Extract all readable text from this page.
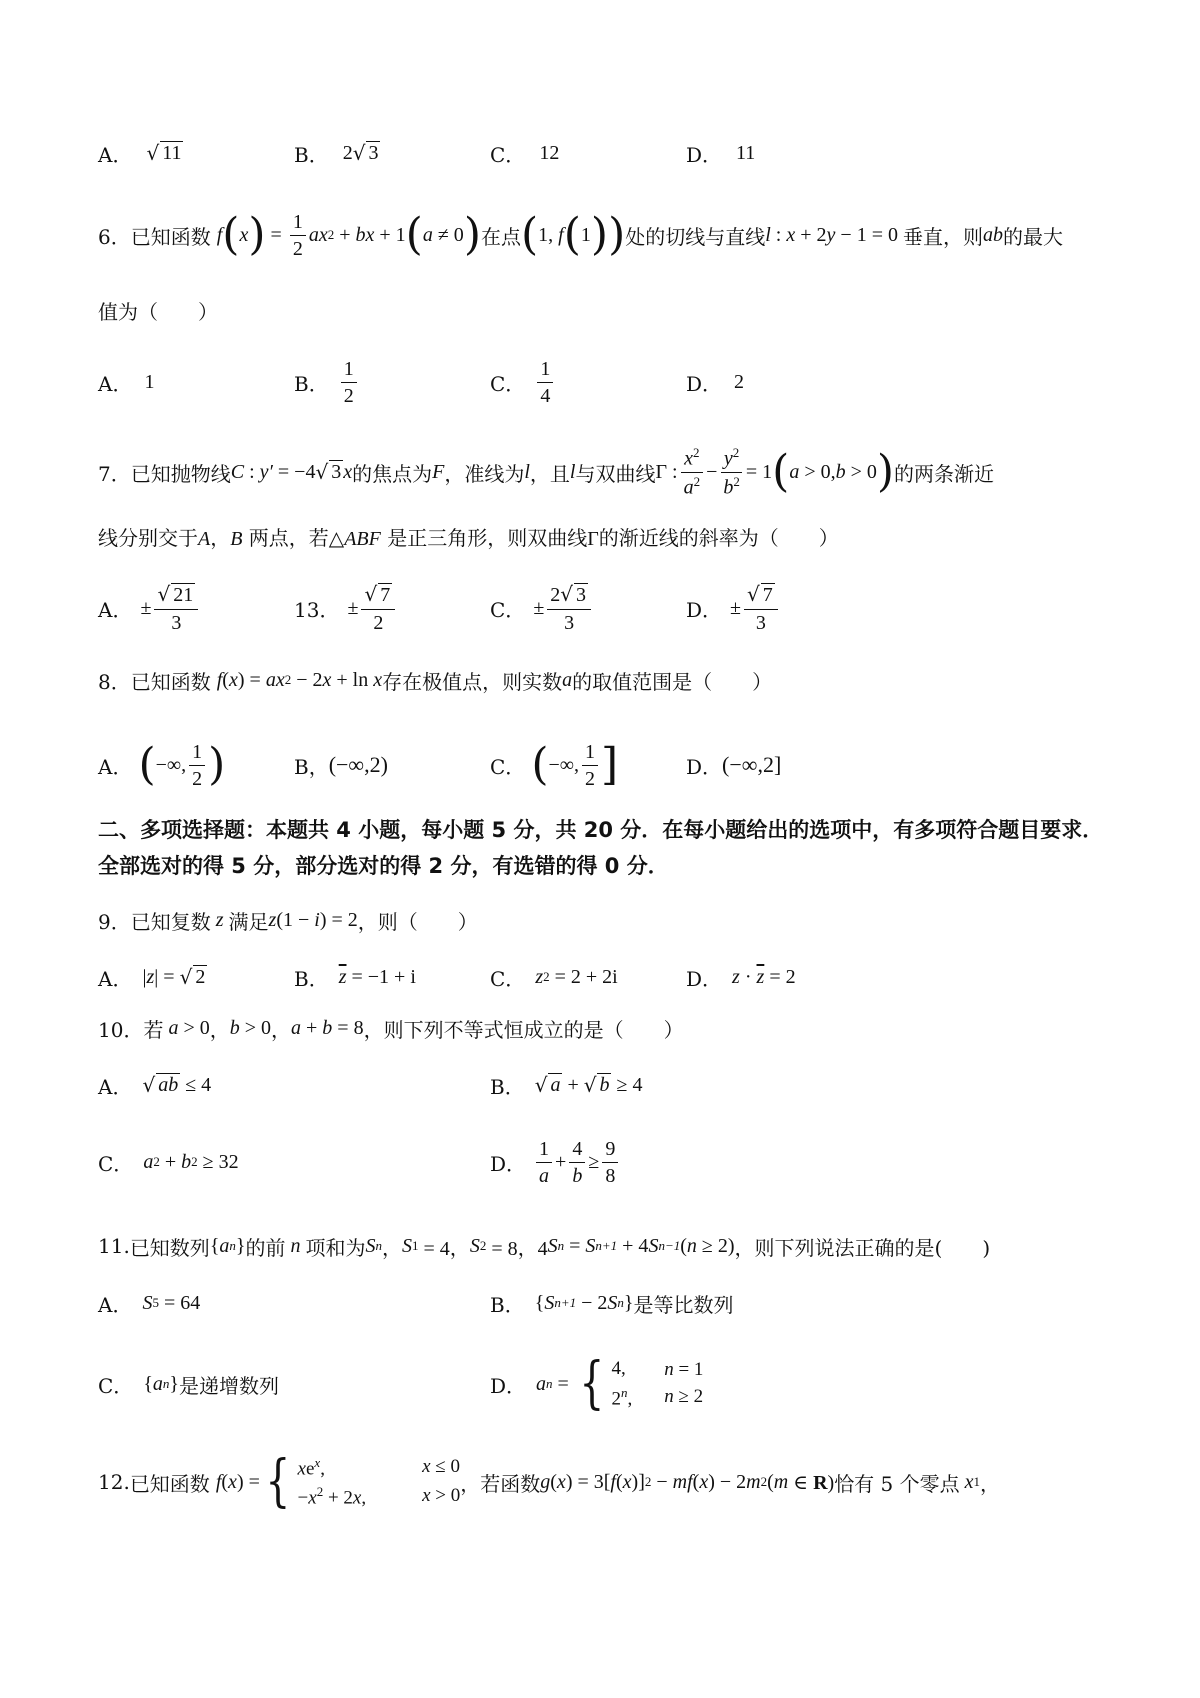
A． √ 11	B． 2 √ 3	C． 12	D． 11
6． 已知函数 f ( x ) = $\frac{1}{2}$ ax 2 + bx + 1 ( a ≠ 0 ) 在点 ( 1, f ( 1 ) ) 处的切线与直线 l : x + 2 y − 1 = 0 垂直，则 ab 的最大
值为（　　）
A． 1	B． $\frac{1}{2}$	C． $\frac{1}{4}$	D． 2
7． 已知抛物线 C : y′ = −4 √ 3 x 的焦点为 F ，准线为 l ，且 l 与双曲线 Γ : $\frac{x^2}{a^2} - \frac{y^2}{b^2} = 1$ ( a > 0, b > 0 ) 的两条渐近
线分别交于A，B 两点，若△ABF 是正三角形，则双曲线Γ的渐近线的斜率为（　　）
A． ± $\frac{√ 21}{3}$	13． ± $\frac{√ 7}{2}$	C． ± $\frac{2√ 3}{3}$	D． ± $\frac{√ 7}{3}$
8． 已知函数 f ( x ) = ax 2 − 2 x + ln x 存在极值点，则实数 a 的取值范围是（　　）
A． ( −∞, $\frac{1}{2}$ )	B， (−∞,2)	C． ( −∞, $\frac{1}{2}$ ]	D． (−∞,2]
二、多项选择题：本题共 4 小题，每小题 5 分，共 20 分．在每小题给出的选项中，有多项符合题目要求．全部选对的得 5 分，部分选对的得 2 分，有选错的得 0 分．
9． 已知复数 z 满足 z (1 − i ) = 2 ，则（　　）
A． | z | = √ 2	B． $\overline{z} = -1 + i$	C． z 2 = 2 + 2i	D． $z \cdot \overline{z} = 2$
10． 若 a > 0 ， b > 0 ， a + b = 8 ，则下列不等式恒成立的是（　　）
A． √ ab ≤ 4	B． √ a + √ b ≥ 4
C． a 2 + b 2 ≥ 32	D． $\frac{1}{a} + \frac{4}{b} \ge \frac{9}{8}$
11. 已知数列 { a n } 的前 n 项和为 S n ， S 1 = 4， S 2 = 8，4 S n = S n+1 + 4 S n−1 ( n ≥ 2) ，则下列说法正确的是(　　)
A． S 5 = 64	B． { S n+1 − 2 S n } 是等比数列
C． { a n } 是递增数列	D． a n = { 4,	n = 1
2$^n$, n ≥ 2
12. 已知函数 f ( x ) = { $xe^x$,	x ≤ 0
$-x^2 + 2x$,	x > 0 ，若函数 g ( x ) = 3[ f ( x )] 2 − mf ( x ) − 2 m 2 ( m ∈ R) 恰有 5 个零点 x 1 ，
